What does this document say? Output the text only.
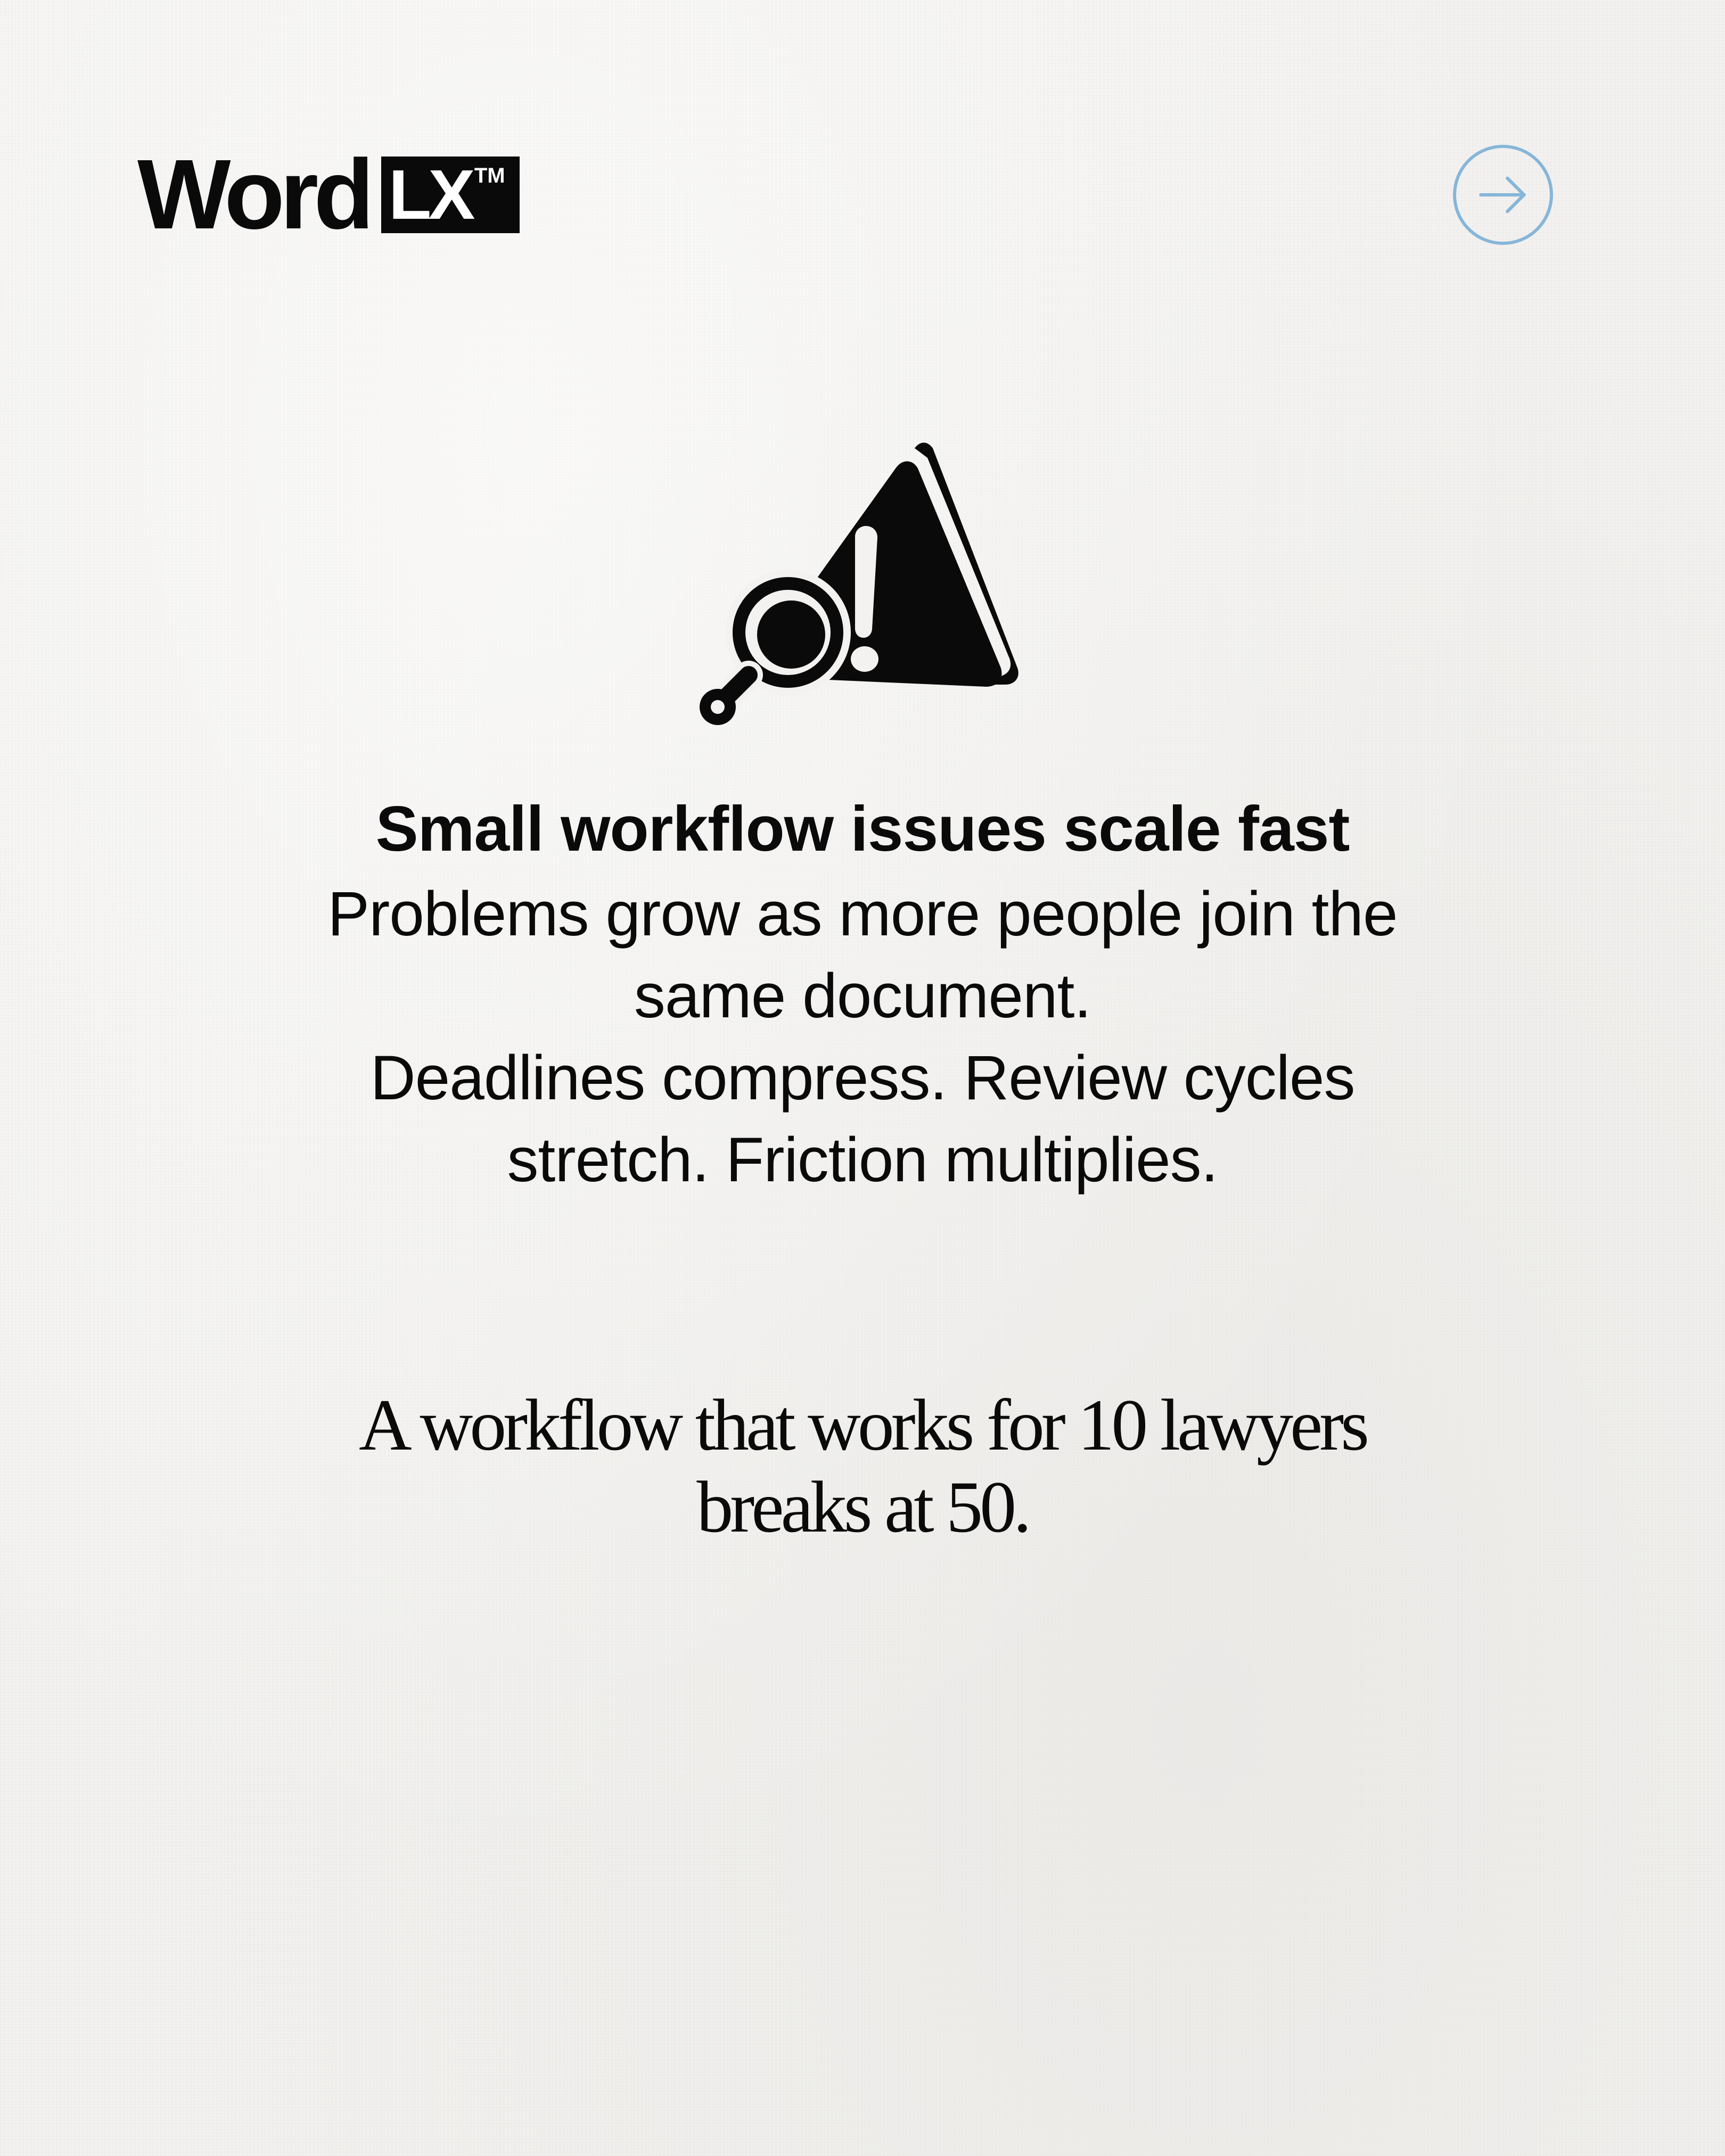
Word LX TM
Small workflow issues scale fast

Problems grow as more people join the

same document.

Deadlines compress. Review cycles

stretch. Friction multiplies.

A workflow that works for 10 lawyers

breaks at 50.
